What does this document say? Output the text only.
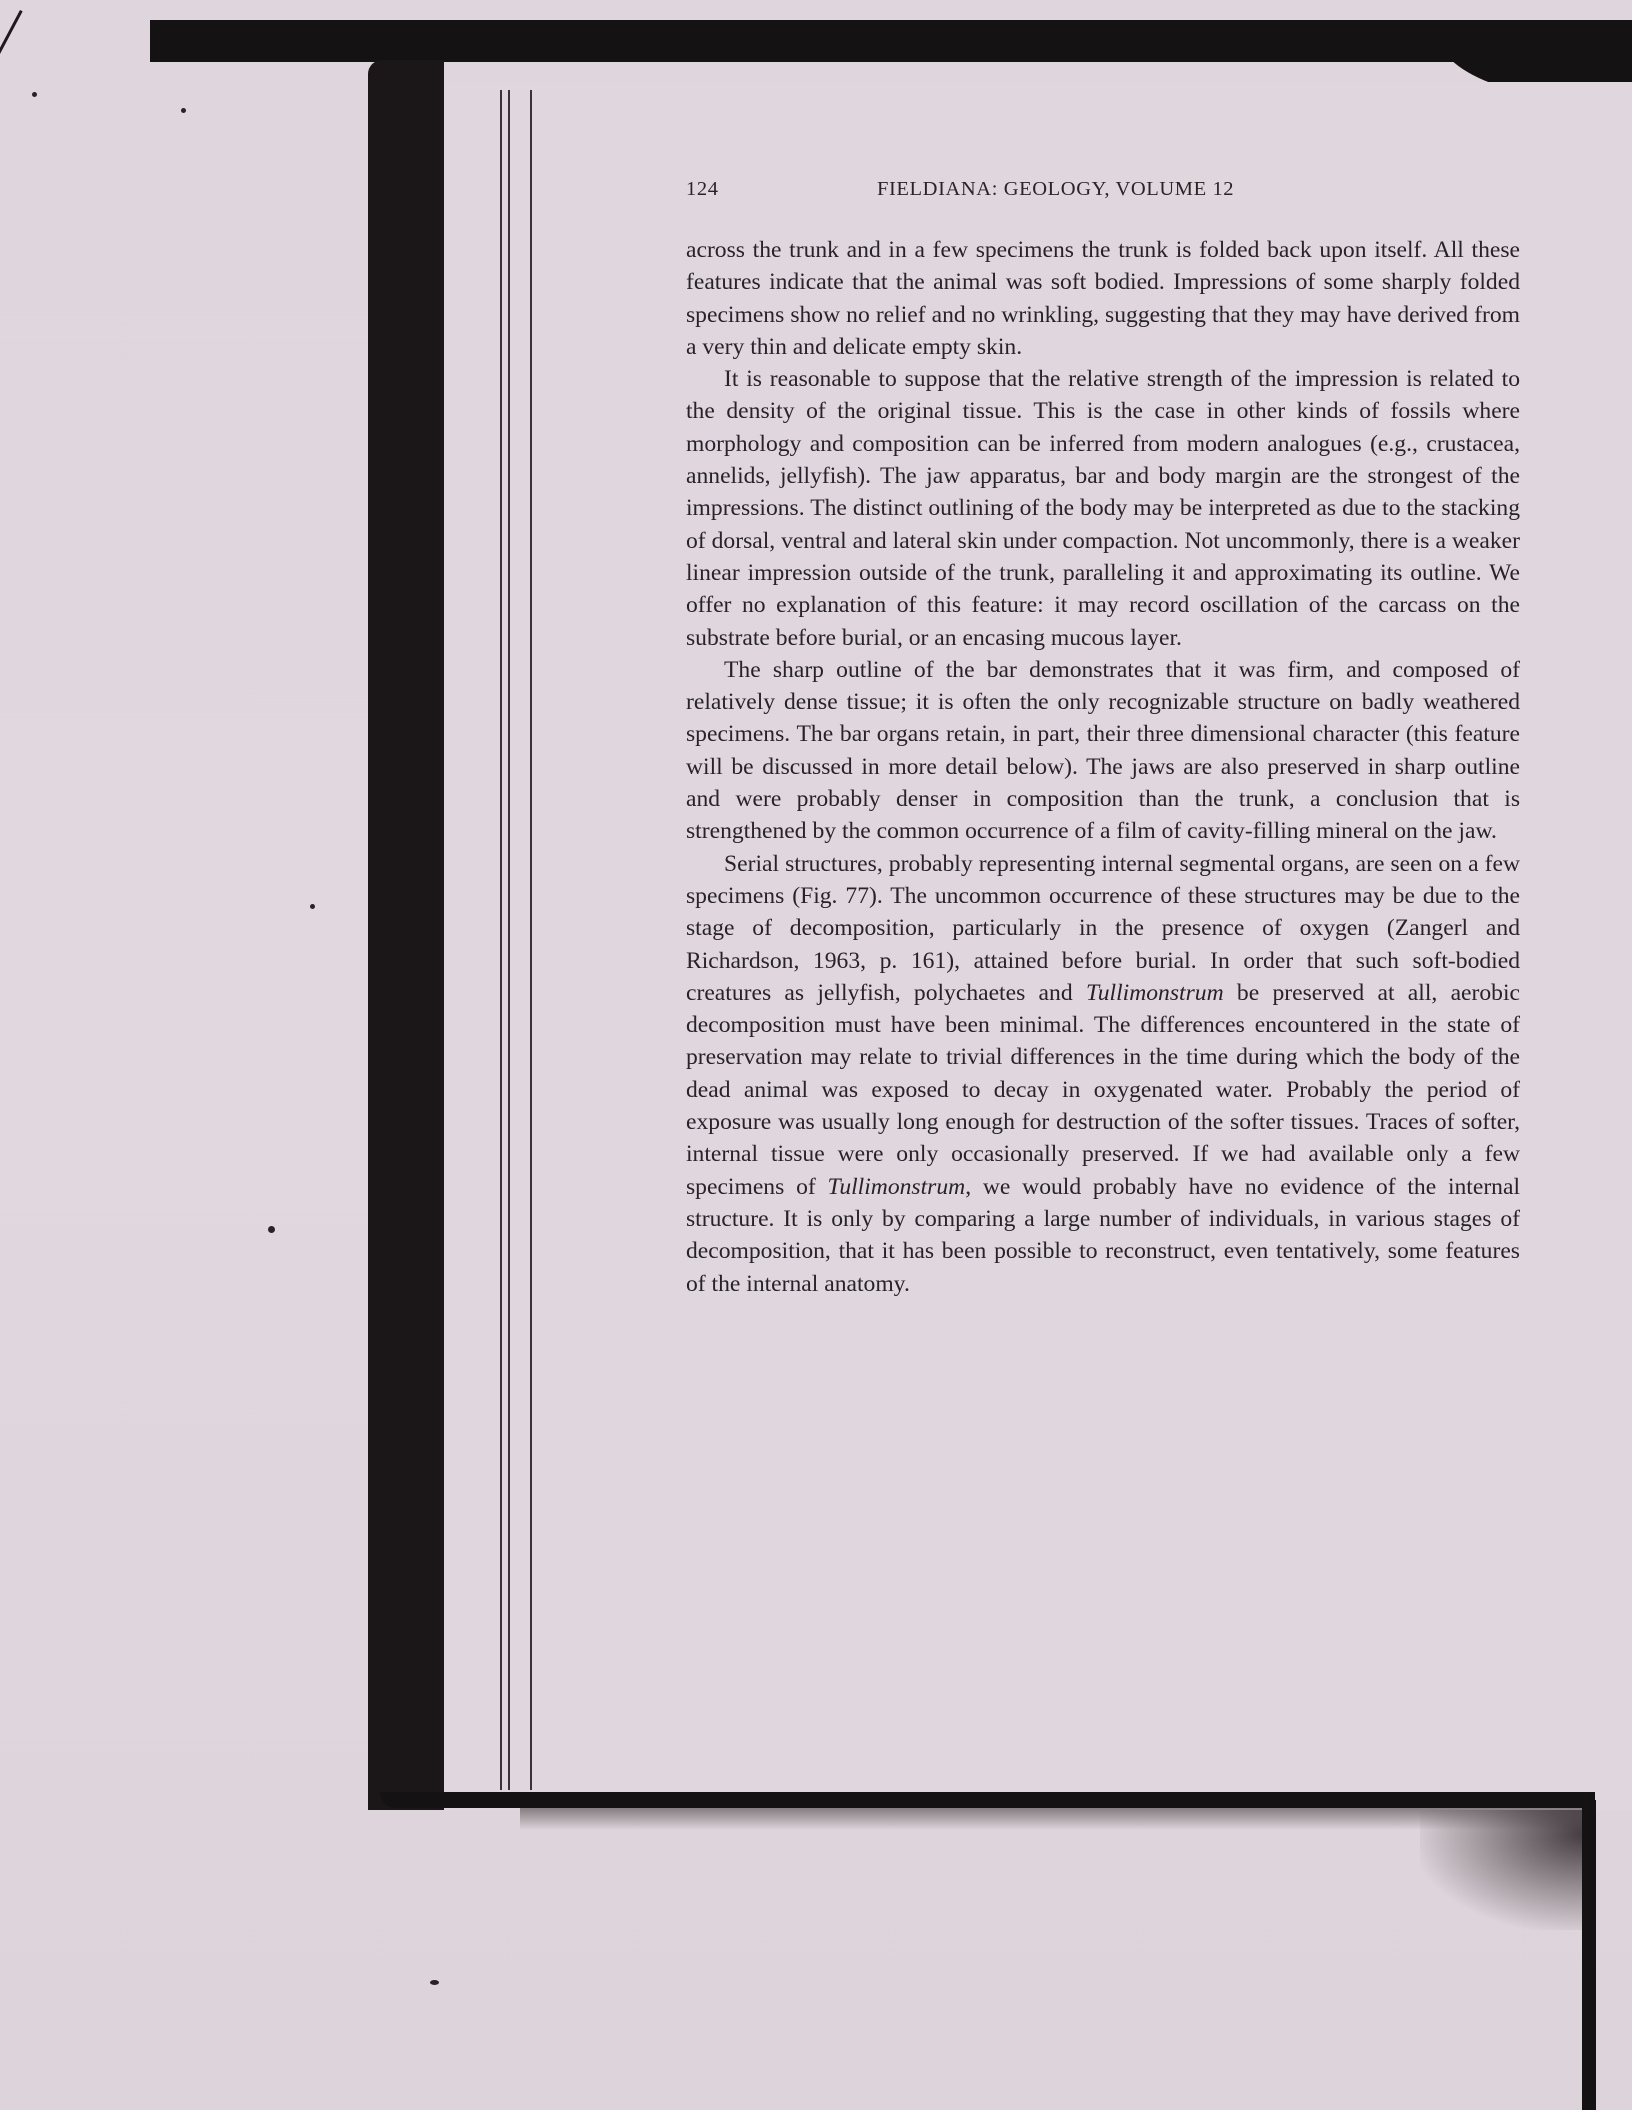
124	FIELDIANA: GEOLOGY, VOLUME 12

across the trunk and in a few specimens the trunk is folded back upon itself. All these features indicate that the animal was soft bodied. Impressions of some sharply folded specimens show no relief and no wrinkling, suggesting that they may have derived from a very thin and delicate empty skin.

It is reasonable to suppose that the relative strength of the impression is related to the density of the original tissue. This is the case in other kinds of fossils where morphology and composition can be inferred from modern analogues (e.g., crustacea, annelids, jellyfish). The jaw apparatus, bar and body margin are the strongest of the impressions. The distinct outlining of the body may be interpreted as due to the stacking of dorsal, ventral and lateral skin under compaction. Not uncommonly, there is a weaker linear impression outside of the trunk, paralleling it and approximating its outline. We offer no explanation of this feature: it may record oscillation of the carcass on the substrate before burial, or an encasing mucous layer.

The sharp outline of the bar demonstrates that it was firm, and composed of relatively dense tissue; it is often the only recognizable structure on badly weathered specimens. The bar organs retain, in part, their three dimensional character (this feature will be discussed in more detail below). The jaws are also preserved in sharp outline and were probably denser in composition than the trunk, a conclusion that is strengthened by the common occurrence of a film of cavity-filling mineral on the jaw.

Serial structures, probably representing internal segmental organs, are seen on a few specimens (Fig. 77). The uncommon occurrence of these structures may be due to the stage of decomposition, particularly in the presence of oxygen (Zangerl and Richardson, 1963, p. 161), attained before burial. In order that such soft-bodied creatures as jellyfish, polychaetes and Tullimonstrum be preserved at all, aerobic decomposition must have been minimal. The differences encountered in the state of preservation may relate to trivial differences in the time during which the body of the dead animal was exposed to decay in oxygenated water. Probably the period of exposure was usually long enough for destruction of the softer tissues. Traces of softer, internal tissue were only occasionally preserved. If we had available only a few specimens of Tullimonstrum, we would probably have no evidence of the internal structure. It is only by comparing a large number of individuals, in various stages of decomposition, that it has been possible to reconstruct, even tentatively, some features of the internal anatomy.
